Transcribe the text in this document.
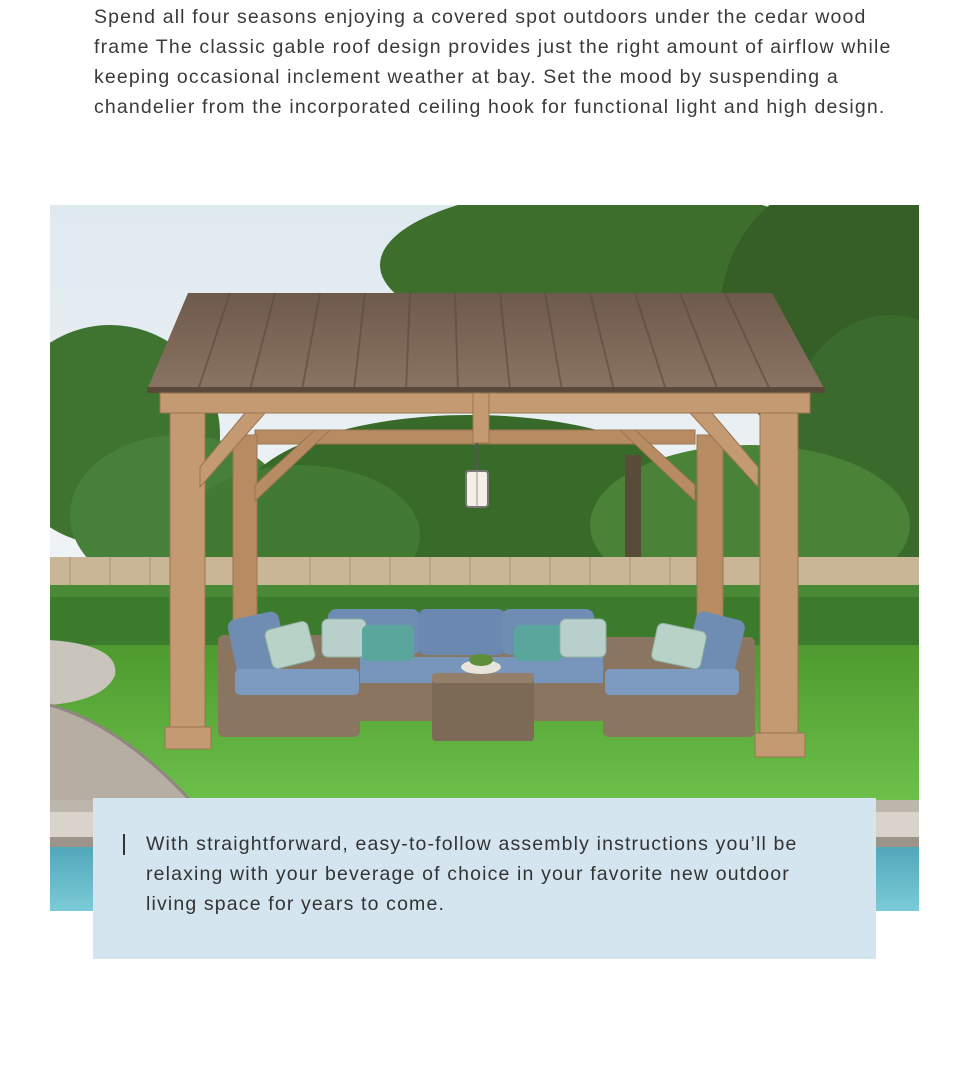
Spend all four seasons enjoying a covered spot outdoors under the cedar wood frame The classic gable roof design provides just the right amount of airflow while keeping occasional inclement weather at bay. Set the mood by suspending a chandelier from the incorporated ceiling hook for functional light and high design.

With straightforward, easy-to-follow assembly instructions you’ll be relaxing with your beverage of choice in your favorite new outdoor living space for years to come.
